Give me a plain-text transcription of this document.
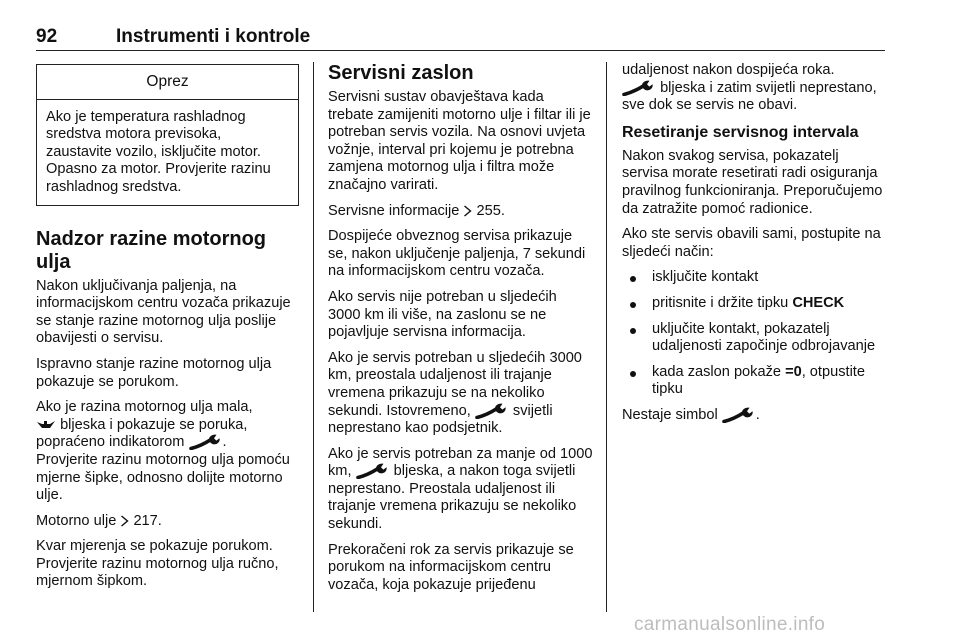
92	Instrumenti i kontrole
Oprez
Ako je temperatura rashladnog sredstva motora previsoka, zaustavite vozilo, isključite motor. Opasno za motor. Provjerite razinu rashladnog sredstva.
Nadzor razine motornog ulja

Nakon uključivanja paljenja, na informacijskom centru vozača prikazuje se stanje razine motornog ulja poslije obavijesti o servisu.

Ispravno stanje razine motornog ulja pokazuje se porukom.

Ako je razina motornog ulja mala,
bljeska i pokazuje se poruka, popraćeno indikatorom	.
Provjerite razinu motornog ulja pomoću mjerne šipke, odnosno dolijte motorno ulje.

Motorno ulje 217.

Kvar mjerenja se pokazuje porukom. Provjerite razinu motornog ulja ručno, mjernom šipkom.

Servisni zaslon

Servisni sustav obavještava kada trebate zamijeniti motorno ulje i filtar ili je potreban servis vozila. Na osnovi uvjeta vožnje, interval pri kojemu je potrebna zamjena motornog ulja i filtra može značajno varirati.

Servisne informacije 255.

Dospijeće obveznog servisa prikazuje se, nakon uključenje paljenja, 7 sekundi na informacijskom centru vozača.

Ako servis nije potreban u sljedećih 3000 km ili više, na zaslonu se ne pojavljuje servisna informacija.

Ako je servis potreban u sljedećih 3000 km, preostala udaljenost ili trajanje vremena prikazuju se na nekoliko sekundi. Istovremeno,	svijetli neprestano kao podsjetnik.

Ako je servis potreban za manje od 1000 km,	bljeska, a nakon toga svijetli neprestano. Preostala udaljenost ili trajanje vremena prikazuju se nekoliko sekundi.

Prekoračeni rok za servis prikazuje se porukom na informacijskom centru vozača, koja pokazuje prijeđenu

udaljenost nakon dospijeća roka.
bljeska i zatim svijetli neprestano, sve dok se servis ne obavi.

Resetiranje servisnog intervala

Nakon svakog servisa, pokazatelj servisa morate resetirati radi osiguranja pravilnog funkcioniranja. Preporučujemo da zatražite pomoć radionice.

Ako ste servis obavili sami, postupite na sljedeći način:

isključite kontakt
pritisnite i držite tipku CHECK
uključite kontakt, pokazatelj udaljenosti započinje odbrojavanje
kada zaslon pokaže =0, otpustite tipku

Nestaje simbol	.

carmanualsonline.info
